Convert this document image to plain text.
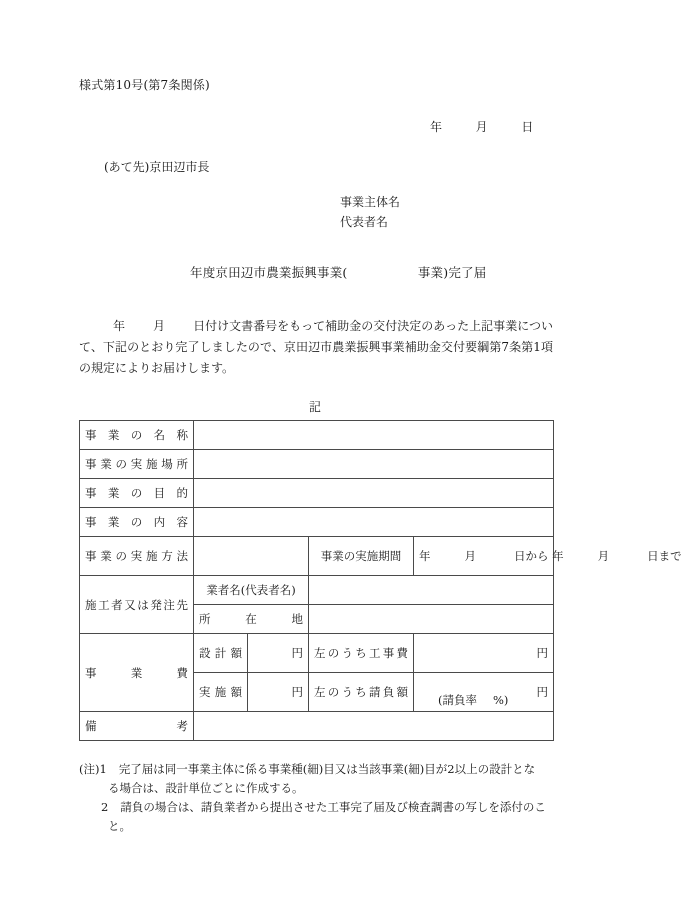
様式第10号(第7条関係)
年	月	日
(あて先)京田辺市長
事業主体名
代表者名
年度京田辺市農業振興事業(	事業)完了届
年 月 日付け文書番号をもって補助金の交付決定のあった上記事業について、下記のとおり完了しましたので、京田辺市農業振興事業補助金交付要綱第7条第1項の規定によりお届けします。
記
事業の名称				
事業の実施場所				
事業の目的				
事業の内容				
事業の実施方法			事業の実施期間	年 月 日から 年 月 日まで
施工者又は発注先	業者名(代表者名)			
	所在地			
事業費	設計額	円	左のうち工事費	円
	実施額	円	左のうち請負額	円
(請負率 %)

備考				
(注)1 完了届は同一事業主体に係る事業種(細)目又は当該事業(細)目が2以上の設計とな
る場合は、設計単位ごとに作成する。
2 請負の場合は、請負業者から提出させた工事完了届及び検査調書の写しを添付のこ
と。
